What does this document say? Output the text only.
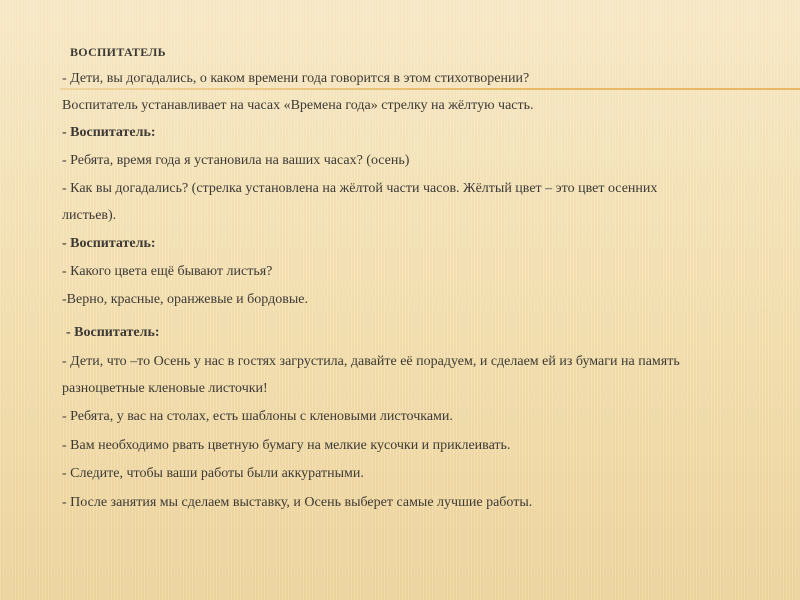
ВОСПИТАТЕЛЬ
- Дети, вы догадались, о каком времени года говорится в этом стихотворении?
Воспитатель устанавливает на часах «Времена года» стрелку на жёлтую часть.
- Воспитатель:
- Ребята, время года я установила на ваших часах? (осень)
- Как вы догадались? (стрелка установлена на жёлтой части часов. Жёлтый цвет – это цвет осенних
листьев).
- Воспитатель:
- Какого цвета ещё бывают листья?
-Верно, красные, оранжевые и бордовые.
- Воспитатель:
- Дети, что –то Осень у нас в гостях загрустила, давайте её порадуем, и сделаем ей из бумаги на память
разноцветные кленовые листочки!
- Ребята, у вас на столах, есть шаблоны с кленовыми листочками.
- Вам необходимо рвать цветную бумагу на мелкие кусочки и приклеивать.
- Следите, чтобы ваши работы были аккуратными.
- После занятия мы сделаем выставку, и Осень выберет самые лучшие работы.
